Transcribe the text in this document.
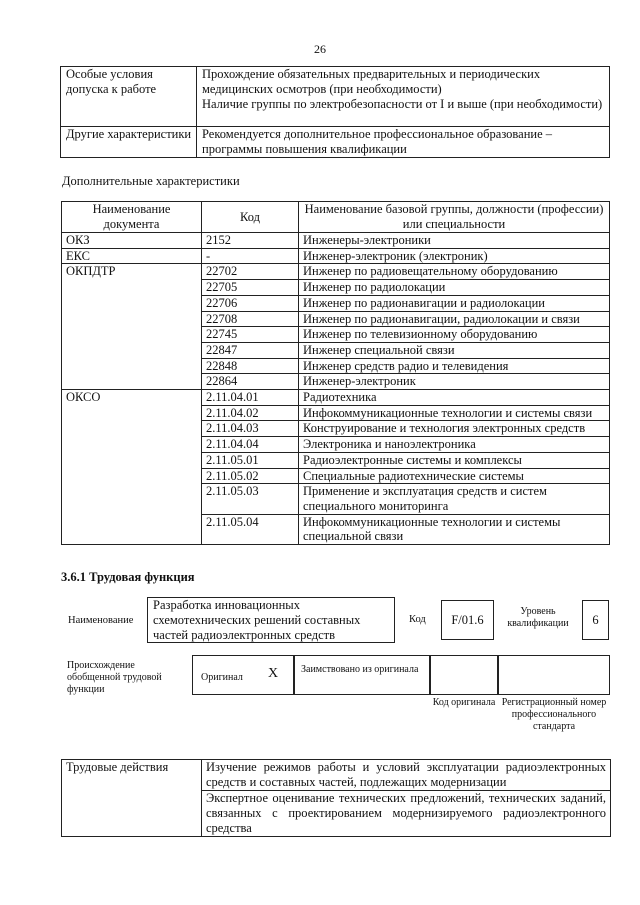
26
Особые условия допуска к работе	Прохождение обязательных предварительных и периодических медицинских осмотров (при необходимости)
Наличие группы по электробезопасности от I и выше (при необходимости)

Другие характеристики	Рекомендуется дополнительное профессиональное образование – программы повышения квалификации
Дополнительные характеристики
Наименование документа	Код	Наименование базовой группы, должности (профессии) или специальности
ОКЗ	2152	Инженеры-электроники
ЕКС	-	Инженер-электроник (электроник)
ОКПДТР	22702	Инженер по радиовещательному оборудованию
	22705	Инженер по радиолокации
	22706	Инженер по радионавигации и радиолокации
	22708	Инженер по радионавигации, радиолокации и связи
	22745	Инженер по телевизионному оборудованию
	22847	Инженер специальной связи
	22848	Инженер средств радио и телевидения
	22864	Инженер-электроник
ОКСО	2.11.04.01	Радиотехника
	2.11.04.02	Инфокоммуникационные технологии и системы связи
	2.11.04.03	Конструирование и технология электронных средств
	2.11.04.04	Электроника и наноэлектроника
	2.11.05.01	Радиоэлектронные системы и комплексы
	2.11.05.02	Специальные радиотехнические системы
	2.11.05.03	Применение и эксплуатация средств и систем специального мониторинга
	2.11.05.04	Инфокоммуникационные технологии и системы специальной связи
3.6.1 Трудовая функция
Наименование
Разработка инновационных схемотехнических решений составных частей радиоэлектронных средств
Код	F/01.6
Уровень квалификации	6
Происхождение обобщенной трудовой функции
Оригинал X Заимствовано из оригинала
Код оригинала Регистрационный номер профессионального стандарта
Трудовые действия	Изучение режимов работы и условий эксплуатации радиоэлектронных средств и составных частей, подлежащих модернизации
Экспертное оценивание технических предложений, технических заданий, связанных с проектированием модернизируемого радиоэлектронного средства
